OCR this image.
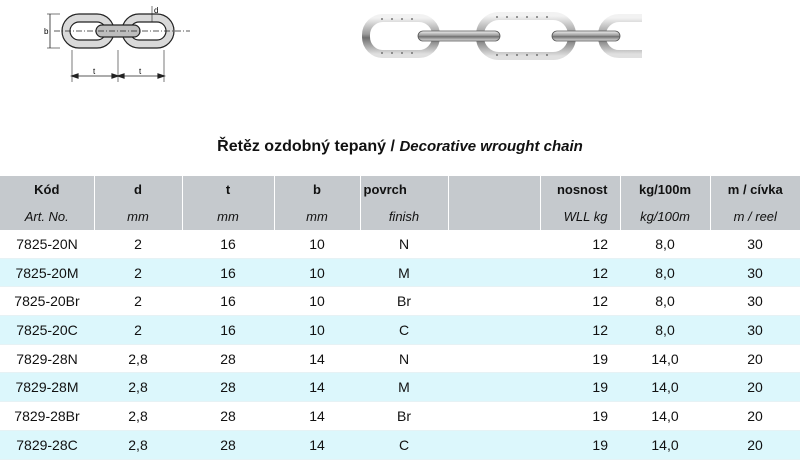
b
d
t	t
Řetěz ozdobný tepaný / Decorative wrought chain
Kód	d	t	b	povrch		nosnost	kg/100m	m / cívka
Art. No.	mm	mm	mm	finish		WLL kg	kg/100m	m / reel
7825-20N	2	16	10	N		12	8,0	30
7825-20M	2	16	10	M		12	8,0	30
7825-20Br	2	16	10	Br		12	8,0	30
7825-20C	2	16	10	C		12	8,0	30
7829-28N	2,8	28	14	N		19	14,0	20
7829-28M	2,8	28	14	M		19	14,0	20
7829-28Br	2,8	28	14	Br		19	14,0	20
7829-28C	2,8	28	14	C		19	14,0	20
